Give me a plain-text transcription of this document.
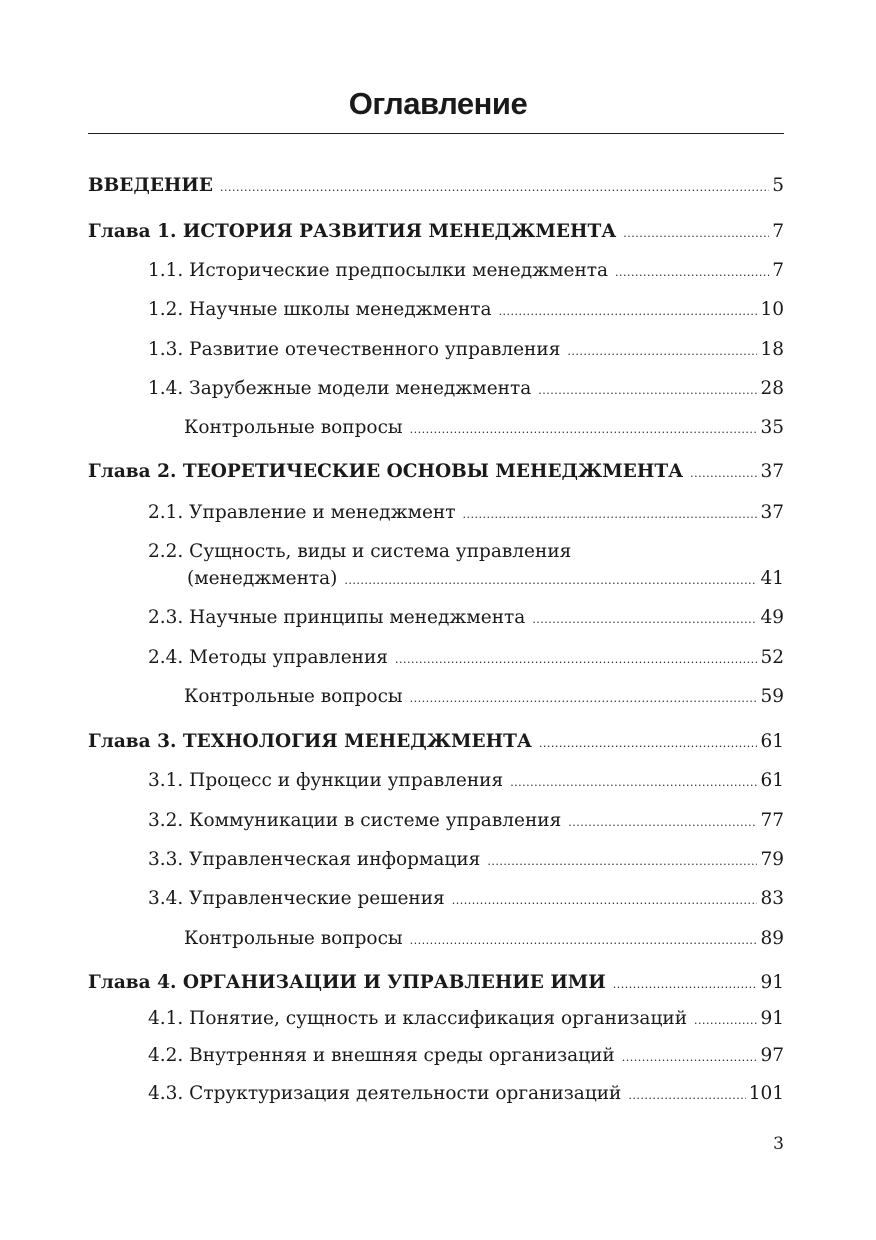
Оглавление
ВВЕДЕНИЕ .....	5
Глава 1. ИСТОРИЯ РАЗВИТИЯ МЕНЕДЖМЕНТА .....	7
1.1. Исторические предпосылки менеджмента .....	7
1.2. Научные школы менеджмента .....	10
1.3. Развитие отечественного управления .....	18
1.4. Зарубежные модели менеджмента .....	28
Контрольные вопросы .....	35
Глава 2. ТЕОРЕТИЧЕСКИЕ ОСНОВЫ МЕНЕДЖМЕНТА .....	37
2.1. Управление и менеджмент .....	37
2.2. Сущность, виды и система управления
(менеджмента) .....	41
2.3. Научные принципы менеджмента .....	49
2.4. Методы управления .....	52
Контрольные вопросы .....	59
Глава 3. ТЕХНОЛОГИЯ МЕНЕДЖМЕНТА .....	61
3.1. Процесс и функции управления .....	61
3.2. Коммуникации в системе управления .....	77
3.3. Управленческая информация .....	79
3.4. Управленческие решения .....	83
Контрольные вопросы .....	89
Глава 4. ОРГАНИЗАЦИИ И УПРАВЛЕНИЕ ИМИ .....	91
4.1. Понятие, сущность и классификация организаций .....	91
4.2. Внутренняя и внешняя среды организаций .....	97
4.3. Структуризация деятельности организаций .....	101
3
